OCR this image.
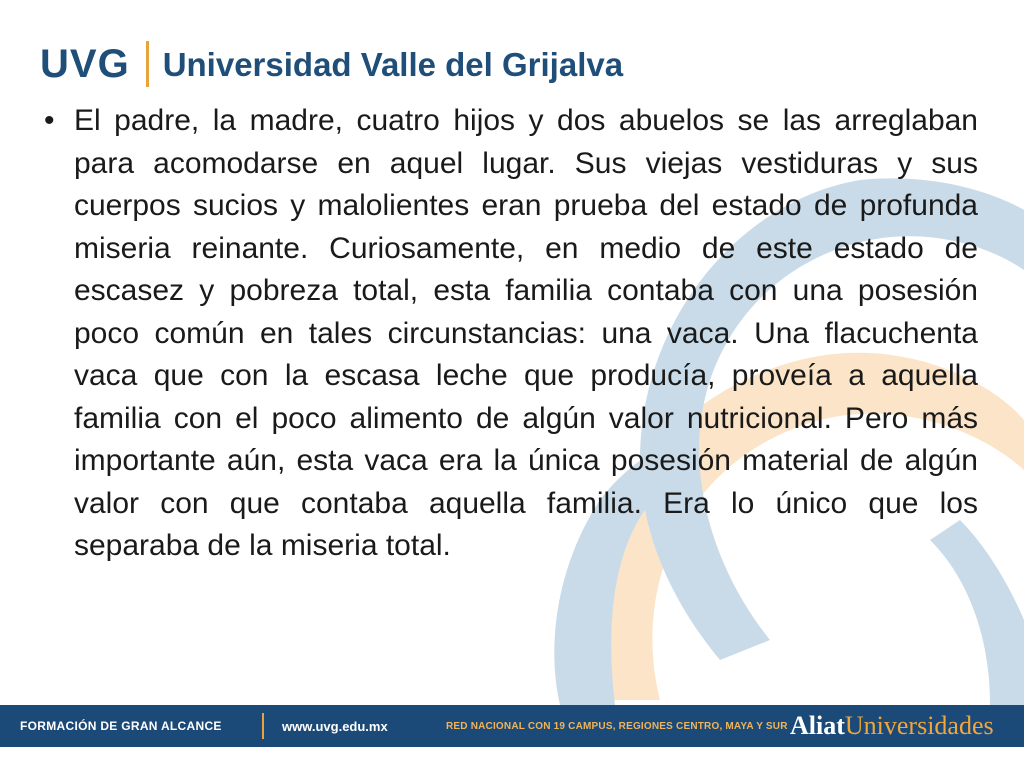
UVG Universidad Valle del Grijalva
• El padre, la madre, cuatro hijos y dos abuelos se las arreglaban para acomodarse en aquel lugar. Sus viejas vestiduras y sus cuerpos sucios y malolientes eran prueba del estado de profunda miseria reinante. Curiosamente, en medio de este estado de escasez y pobreza total, esta familia contaba con una posesión poco común en tales circunstancias: una vaca. Una flacuchenta vaca que con la escasa leche que producía, proveía a aquella familia con el poco alimento de algún valor nutricional. Pero más importante aún, esta vaca era la única posesión material de algún valor con que contaba aquella familia. Era lo único que los separaba de la miseria total.

FORMACIÓN DE GRAN ALCANCE	www.uvg.edu.mx	RED NACIONAL CON 19 CAMPUS, REGIONES CENTRO, MAYA Y SUR AliatUniversidades
